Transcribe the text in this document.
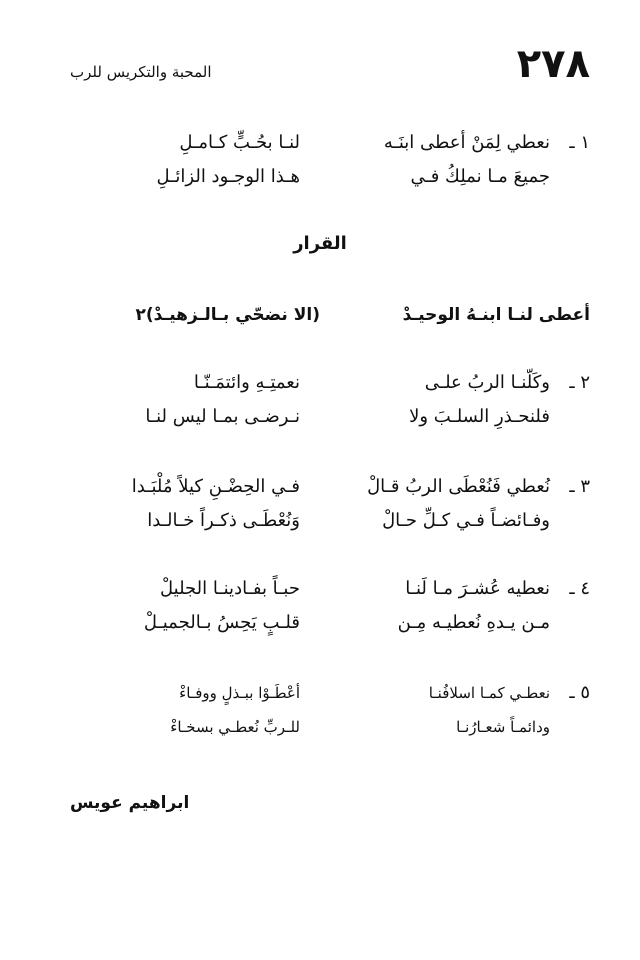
٢٧٨
المحبة والتكريس للرب
١ ـ
نعطي لِمَنْ أعطى ابنَـه
لنـا بحُـبٍّ كـامـلِ
جميعَ مـا نملِكُ فـي
هـذا الوجـود الزائـلِ
القرار
أعطى لنـا ابنـهُ الوحيـدْ
(الا نضحّي بـالـزهيـدْ)٢
٢ ـ
وكَلّنـا الربُ علـى
نعمتِـهِ وائتمَـنّـا
فلنحـذرِ السلـبَ ولا
نـرضـى بمـا ليس لنـا
٣ ـ
نُعطي فَنُعْطَى الربُ قـالْ
فـي الحِضْـنِ كيلاً مُلْبَـدا
وفـائضـاً فـي كـلِّ حـالْ
وَنُعْطَـى ذكـراً خـالـدا
٤ ـ
نعطيه عُشـرَ مـا لَنـا
حبـاً بفـادينـا الجليلْ
مـن يـدهِ نُعطيـه مِـن
قلـبٍ يَحِسُ بـالجميـلْ
٥ ـ
نعطـي كمـا اسلافُنـا
أعْطَـوْا ببـذلٍ ووفـاءْ
ودائمـاً شعـارُنـا
للـربِّ نُعطـي بسخـاءْ
ابراهيم عويس
